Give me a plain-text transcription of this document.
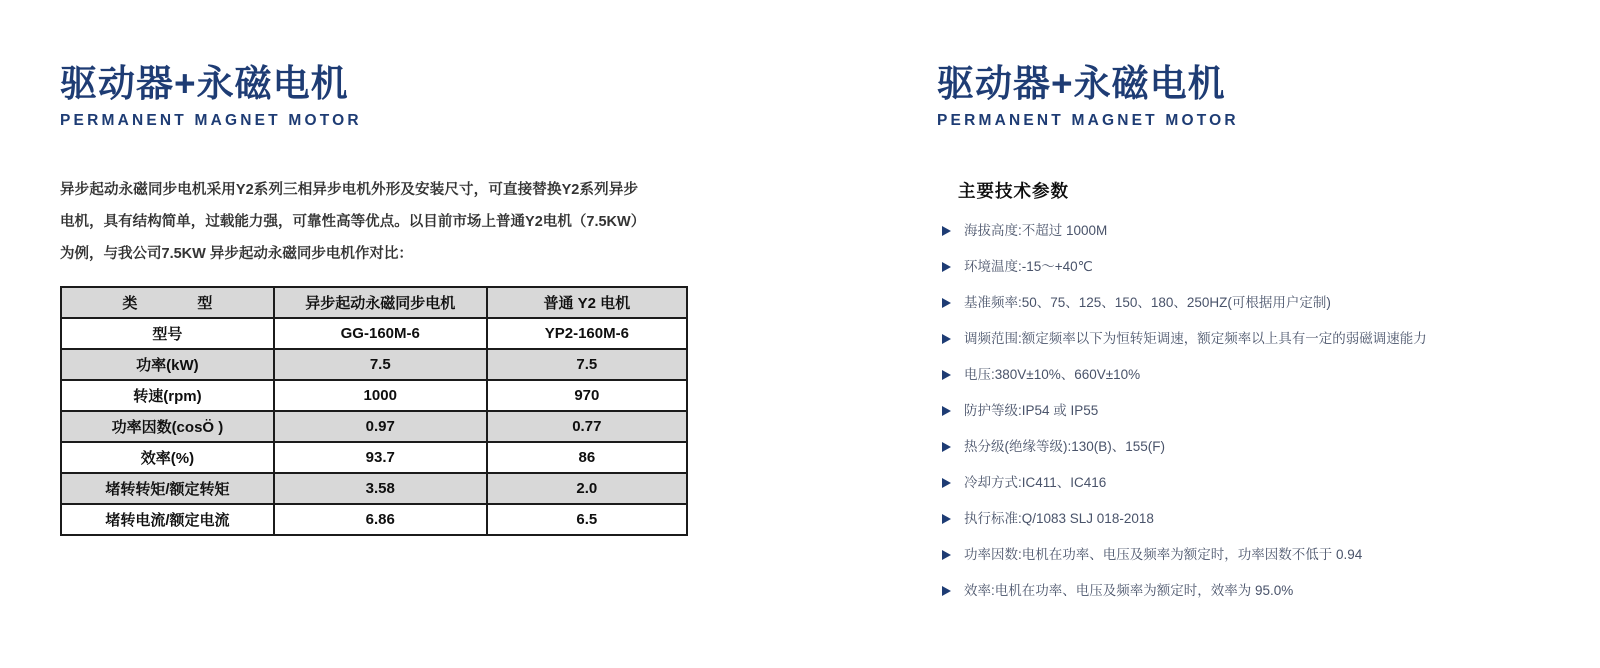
驱动器+永磁电机
PERMANENT MAGNET MOTOR

异步起动永磁同步电机采用Y2系列三相异步电机外形及安装尺寸，可直接替换Y2系列异步电机，具有结构简单，过载能力强，可靠性高等优点。以目前市场上普通Y2电机（7.5KW）为例，与我公司7.5KW 异步起动永磁同步电机作对比：

类　　　　型	异步起动永磁同步电机	普通 Y2 电机
型号	GG-160M-6	YP2-160M-6
功率(kW)	7.5	7.5
转速(rpm)	1000	970
功率因数(cosÖ )	0.97	0.77
效率(%)	93.7	86
堵转转矩/额定转矩	3.58	2.0
堵转电流/额定电流	6.86	6.5
驱动器+永磁电机
PERMANENT MAGNET MOTOR
主要技术参数
海拔高度:不超过 1000M
环境温度:-15～+40℃
基准频率:50、75、125、150、180、250HZ(可根据用户定制)
调频范围:额定频率以下为恒转矩调速，额定频率以上具有一定的弱磁调速能力
电压:380V±10%、660V±10%
防护等级:IP54 或 IP55
热分级(绝缘等级):130(B)、155(F)
冷却方式:IC411、IC416
执行标准:Q/1083 SLJ 018-2018
功率因数:电机在功率、电压及频率为额定时，功率因数不低于 0.94
效率:电机在功率、电压及频率为额定时，效率为 95.0%
